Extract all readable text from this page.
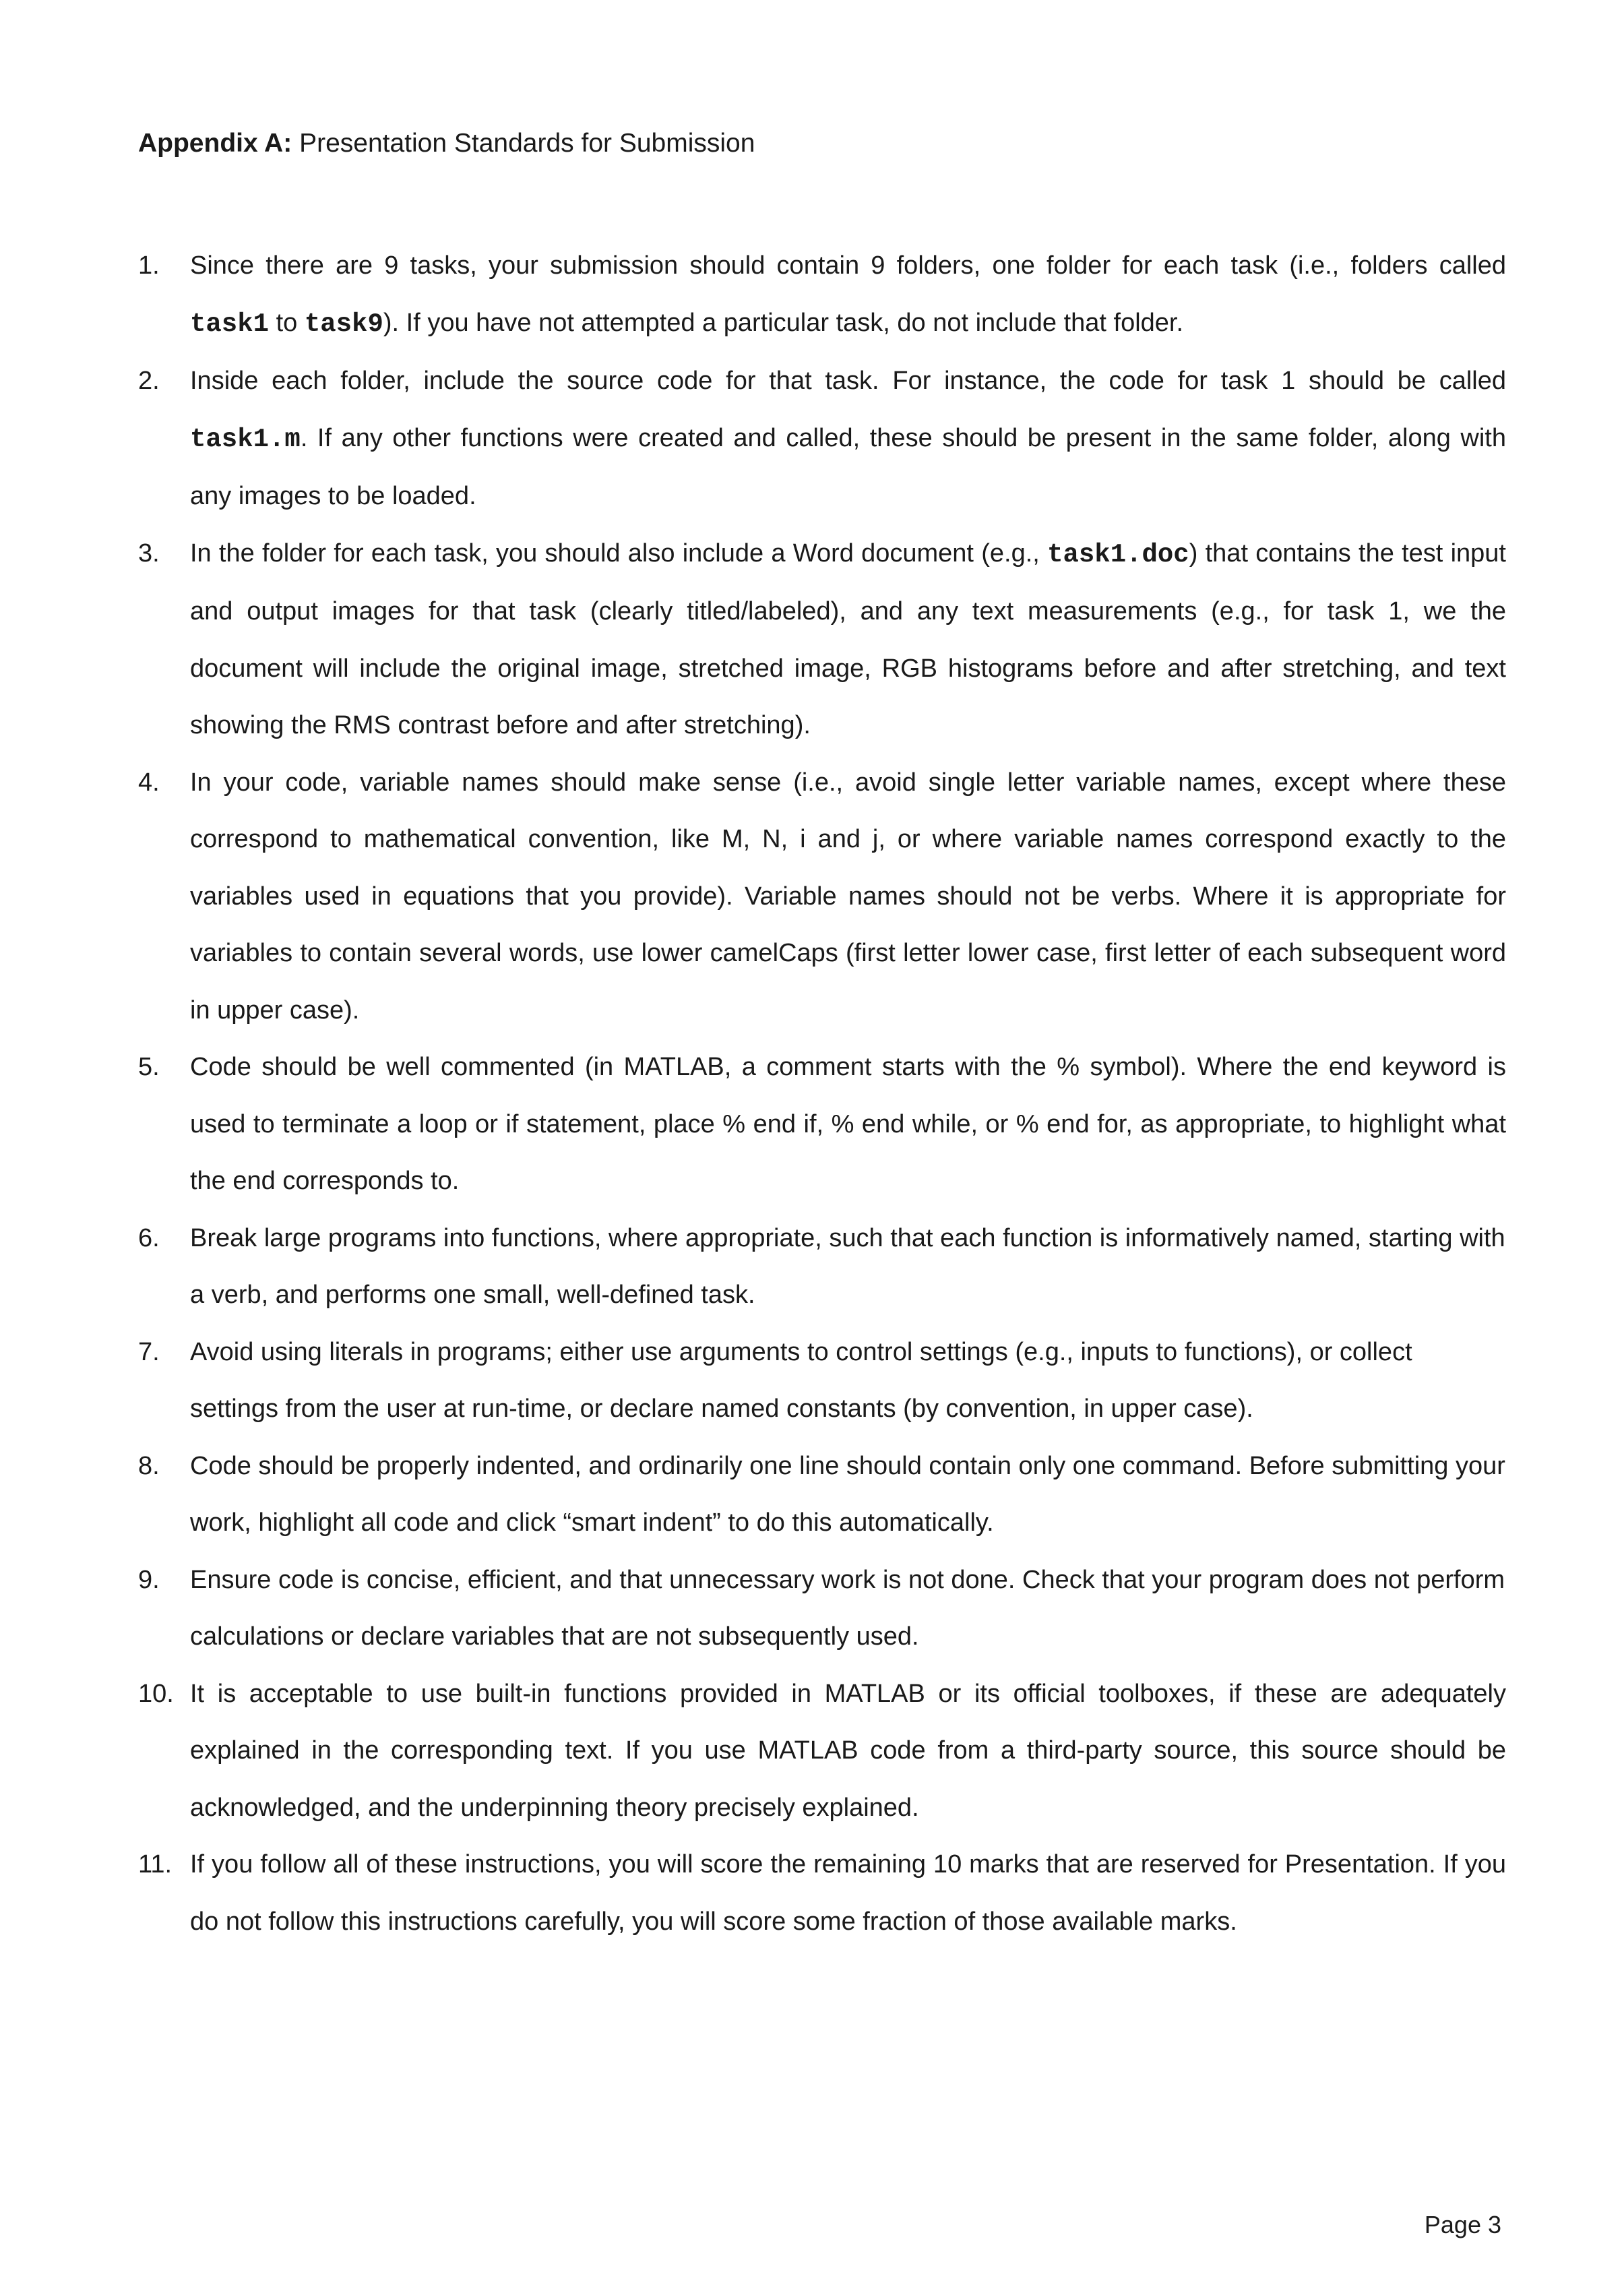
Appendix A: Presentation Standards for Submission
1.	Since there are 9 tasks, your submission should contain 9 folders, one folder for each task (i.e., folders called task1 to task9). If you have not attempted a particular task, do not include that folder.
2.	Inside each folder, include the source code for that task. For instance, the code for task 1 should be called task1.m. If any other functions were created and called, these should be present in the same folder, along with any images to be loaded.
3.	In the folder for each task, you should also include a Word document (e.g., task1.doc) that contains the test input and output images for that task (clearly titled/labeled), and any text measurements (e.g., for task 1, we the document will include the original image, stretched image, RGB histograms before and after stretching, and text showing the RMS contrast before and after stretching).
4.	In your code, variable names should make sense (i.e., avoid single letter variable names, except where these correspond to mathematical convention, like M, N, i and j, or where variable names correspond exactly to the variables used in equations that you provide). Variable names should not be verbs. Where it is appropriate for variables to contain several words, use lower camelCaps (first letter lower case, first letter of each subsequent word in upper case).
5.	Code should be well commented (in MATLAB, a comment starts with the % symbol). Where the end keyword is used to terminate a loop or if statement, place % end if, % end while, or % end for, as appropriate, to highlight what the end corresponds to.
6.	Break large programs into functions, where appropriate, such that each function is informatively named, starting with a verb, and performs one small, well-defined task.
7.	Avoid using literals in programs; either use arguments to control settings (e.g., inputs to functions), or collect settings from the user at run-time, or declare named constants (by convention, in upper case).
8.	Code should be properly indented, and ordinarily one line should contain only one command. Before submitting your work, highlight all code and click “smart indent” to do this automatically.
9.	Ensure code is concise, efficient, and that unnecessary work is not done. Check that your program does not perform calculations or declare variables that are not subsequently used.
10. It is acceptable to use built-in functions provided in MATLAB or its official toolboxes, if these are adequately explained in the corresponding text. If you use MATLAB code from a third-party source, this source should be acknowledged, and the underpinning theory precisely explained.
11. If you follow all of these instructions, you will score the remaining 10 marks that are reserved for Presentation. If you do not follow this instructions carefully, you will score some fraction of those available marks.
Page 3
